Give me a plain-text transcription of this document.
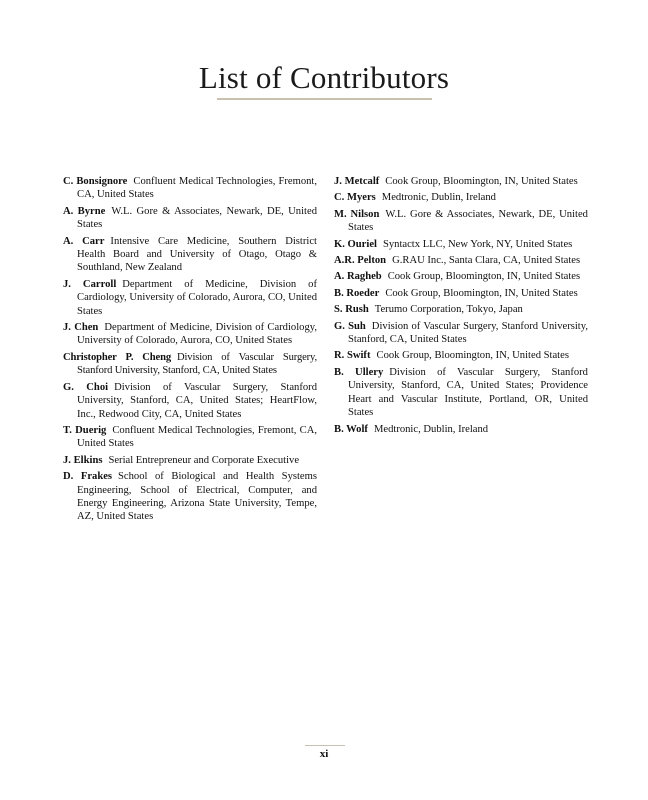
List of Contributors

C. Bonsignore Confluent Medical Technologies, Fremont, CA, United States

A. Byrne W.L. Gore & Associates, Newark, DE, United States

A. Carr Intensive Care Medicine, Southern District Health Board and University of Otago, Otago & Southland, New Zealand

J. Carroll Department of Medicine, Division of Cardiology, University of Colorado, Aurora, CO, United States

J. Chen Department of Medicine, Division of Cardiology, University of Colorado, Aurora, CO, United States

Christopher P. Cheng Division of Vascular Surgery, Stanford University, Stanford, CA, United States

G. Choi Division of Vascular Surgery, Stanford University, Stanford, CA, United States; HeartFlow, Inc., Redwood City, CA, United States

T. Duerig Confluent Medical Technologies, Fremont, CA, United States

J. Elkins Serial Entrepreneur and Corporate Executive

D. Frakes School of Biological and Health Systems Engineering, School of Electrical, Computer, and Energy Engineering, Arizona State University, Tempe, AZ, United States

J. Metcalf Cook Group, Bloomington, IN, United States

C. Myers Medtronic, Dublin, Ireland

M. Nilson W.L. Gore & Associates, Newark, DE, United States

K. Ouriel Syntactx LLC, New York, NY, United States

A.R. Pelton G.RAU Inc., Santa Clara, CA, United States

A. Ragheb Cook Group, Bloomington, IN, United States

B. Roeder Cook Group, Bloomington, IN, United States

S. Rush Terumo Corporation, Tokyo, Japan

G. Suh Division of Vascular Surgery, Stanford University, Stanford, CA, United States

R. Swift Cook Group, Bloomington, IN, United States

B. Ullery Division of Vascular Surgery, Stanford University, Stanford, CA, United States; Providence Heart and Vascular Institute, Portland, OR, United States

B. Wolf Medtronic, Dublin, Ireland

xi
